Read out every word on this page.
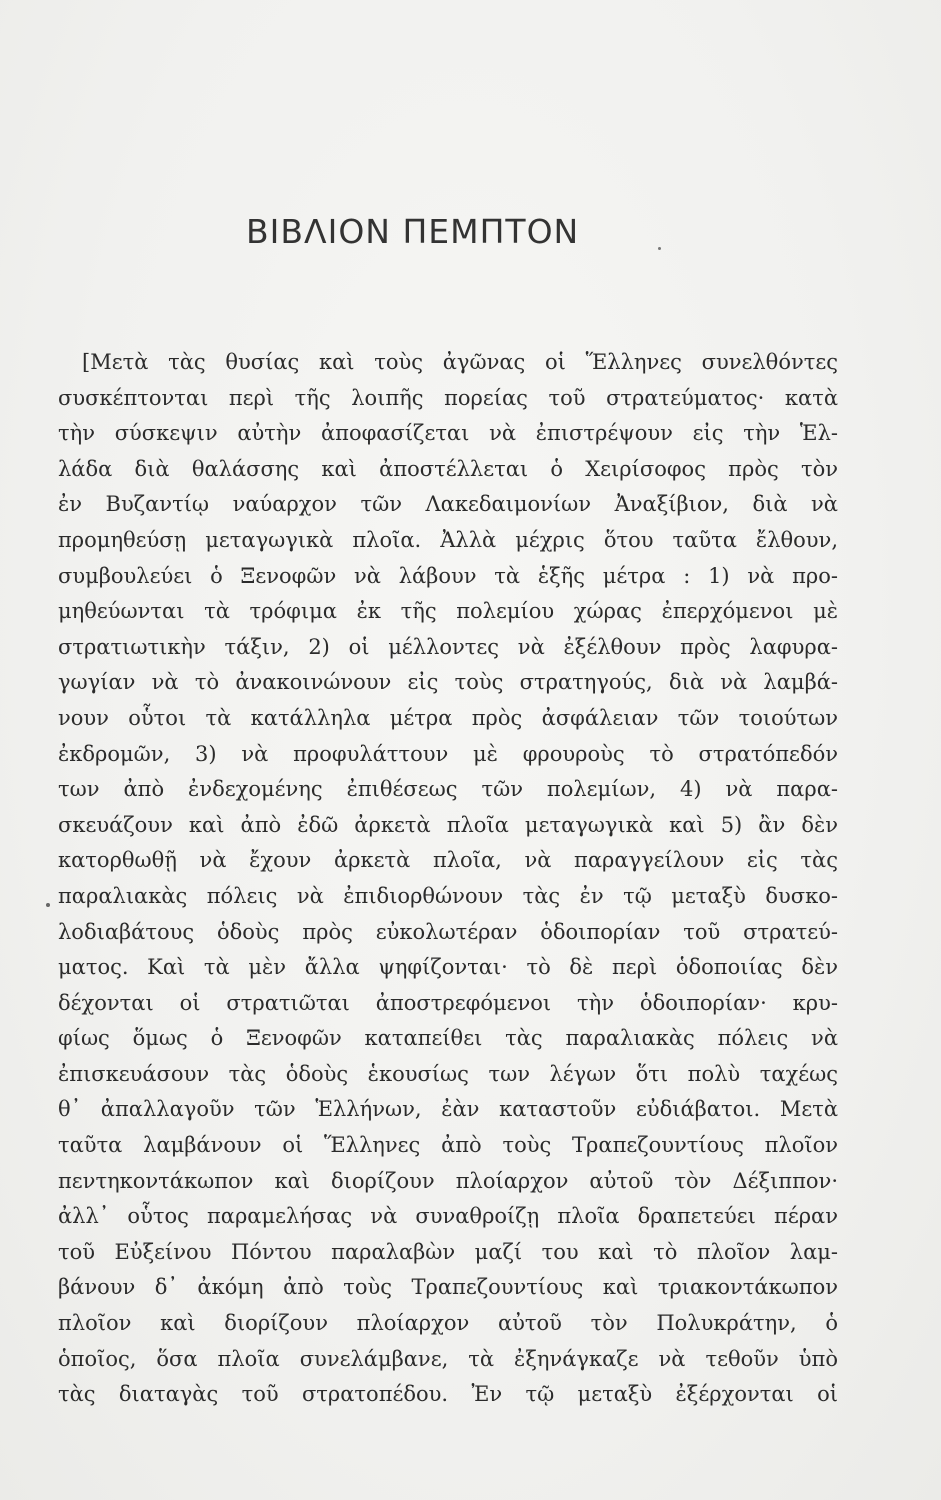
ΒΙΒΛΙΟΝ ΠΕΜΠΤΟΝ
[Μετὰ τὰς θυσίας καὶ τοὺς ἀγῶνας οἱ Ἕλληνες συνελθόντες
συσκέπτονται περὶ τῆς λοιπῆς πορείας τοῦ στρατεύματος· κατὰ
τὴν σύσκεψιν αὐτὴν ἀποφασίζεται νὰ ἐπιστρέψουν εἰς τὴν Ἑλ-
λάδα διὰ θαλάσσης καὶ ἀποστέλλεται ὁ Χειρίσοφος πρὸς τὸν
ἐν Βυζαντίῳ ναύαρχον τῶν Λακεδαιμονίων Ἀναξίβιον, διὰ νὰ
προμηθεύσῃ μεταγωγικὰ πλοῖα. Ἀλλὰ μέχρις ὅτου ταῦτα ἔλθουν,
συμβουλεύει ὁ Ξενοφῶν νὰ λάβουν τὰ ἑξῆς μέτρα : 1) νὰ προ-
μηθεύωνται τὰ τρόφιμα ἐκ τῆς πολεμίου χώρας ἐπερχόμενοι μὲ
στρατιωτικὴν τάξιν, 2) οἱ μέλλοντες νὰ ἐξέλθουν πρὸς λαφυρα-
γωγίαν νὰ τὸ ἀνακοινώνουν εἰς τοὺς στρατηγούς, διὰ νὰ λαμβά-
νουν οὗτοι τὰ κατάλληλα μέτρα πρὸς ἀσφάλειαν τῶν τοιούτων
ἐκδρομῶν, 3) νὰ προφυλάττουν μὲ φρουροὺς τὸ στρατόπεδόν
των ἀπὸ ἐνδεχομένης ἐπιθέσεως τῶν πολεμίων, 4) νὰ παρα-
σκευάζουν καὶ ἀπὸ ἐδῶ ἀρκετὰ πλοῖα μεταγωγικὰ καὶ 5) ἂν δὲν
κατορθωθῇ νὰ ἔχουν ἀρκετὰ πλοῖα, νὰ παραγγείλουν εἰς τὰς
παραλιακὰς πόλεις νὰ ἐπιδιορθώνουν τὰς ἐν τῷ μεταξὺ δυσκο-
λοδιαβάτους ὁδοὺς πρὸς εὐκολωτέραν ὁδοιπορίαν τοῦ στρατεύ-
ματος. Καὶ τὰ μὲν ἄλλα ψηφίζονται· τὸ δὲ περὶ ὁδοποιίας δὲν
δέχονται οἱ στρατιῶται ἀποστρεφόμενοι τὴν ὁδοιπορίαν· κρυ-
φίως ὅμως ὁ Ξενοφῶν καταπείθει τὰς παραλιακὰς πόλεις νὰ
ἐπισκευάσουν τὰς ὁδοὺς ἑκουσίως των λέγων ὅτι πολὺ ταχέως
θ᾽ ἀπαλλαγοῦν τῶν Ἑλλήνων, ἐὰν καταστοῦν εὐδιάβατοι. Μετὰ
ταῦτα λαμβάνουν οἱ Ἕλληνες ἀπὸ τοὺς Τραπεζουντίους πλοῖον
πεντηκοντάκωπον καὶ διορίζουν πλοίαρχον αὐτοῦ τὸν Δέξιππον·
ἀλλ᾽ οὗτος παραμελήσας νὰ συναθροίζῃ πλοῖα δραπετεύει πέραν
τοῦ Εὐξείνου Πόντου παραλαβὼν μαζί του καὶ τὸ πλοῖον λαμ-
βάνουν δ᾽ ἀκόμη ἀπὸ τοὺς Τραπεζουντίους καὶ τριακοντάκωπον
πλοῖον καὶ διορίζουν πλοίαρχον αὐτοῦ τὸν Πολυκράτην, ὁ
ὁποῖος, ὅσα πλοῖα συνελάμβανε, τὰ ἐξηνάγκαζε νὰ τεθοῦν ὑπὸ
τὰς διαταγὰς τοῦ στρατοπέδου. Ἐν τῷ μεταξὺ ἐξέρχονται οἱ
